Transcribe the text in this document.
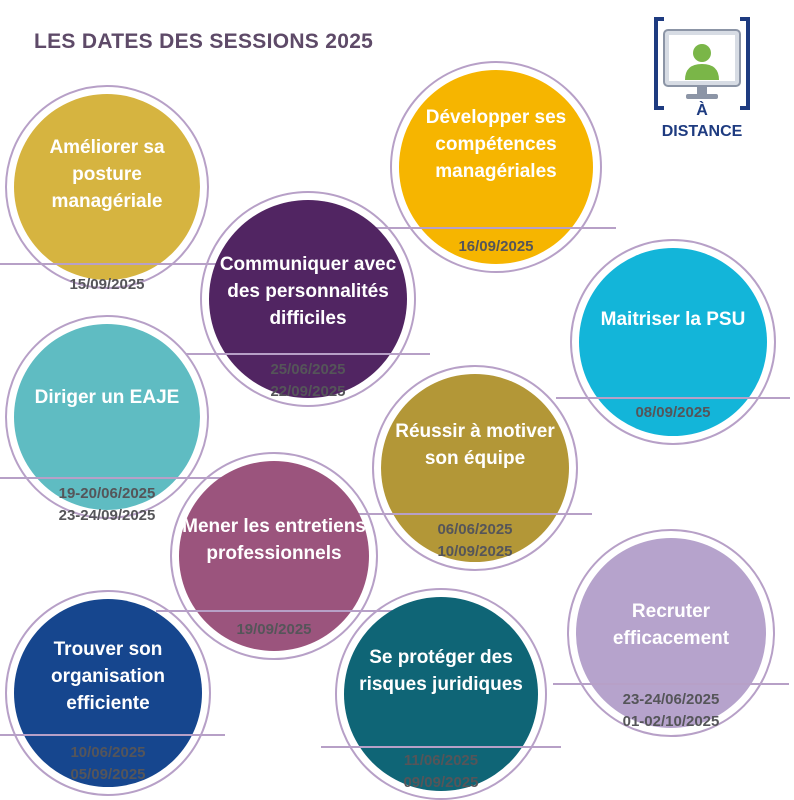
LES DATES DES SESSIONS 2025
À
DISTANCE
Améliorer sa posture managériale
15/09/2025
Développer ses compétences managériales
16/09/2025
Maitriser la PSU
08/09/2025
Diriger un EAJE
19-20/06/2025
23-24/09/2025
Réussir à motiver son équipe
06/06/2025
10/09/2025
Recruter efficacement
23-24/06/2025
01-02/10/2025
Trouver son organisation efficiente
10/06/2025
05/09/2025
Communiquer avec des personnalités difficiles
25/06/2025
22/09/2025
Mener les entretiens professionnels
19/09/2025
Se protéger des risques juridiques
11/06/2025
09/09/2025
